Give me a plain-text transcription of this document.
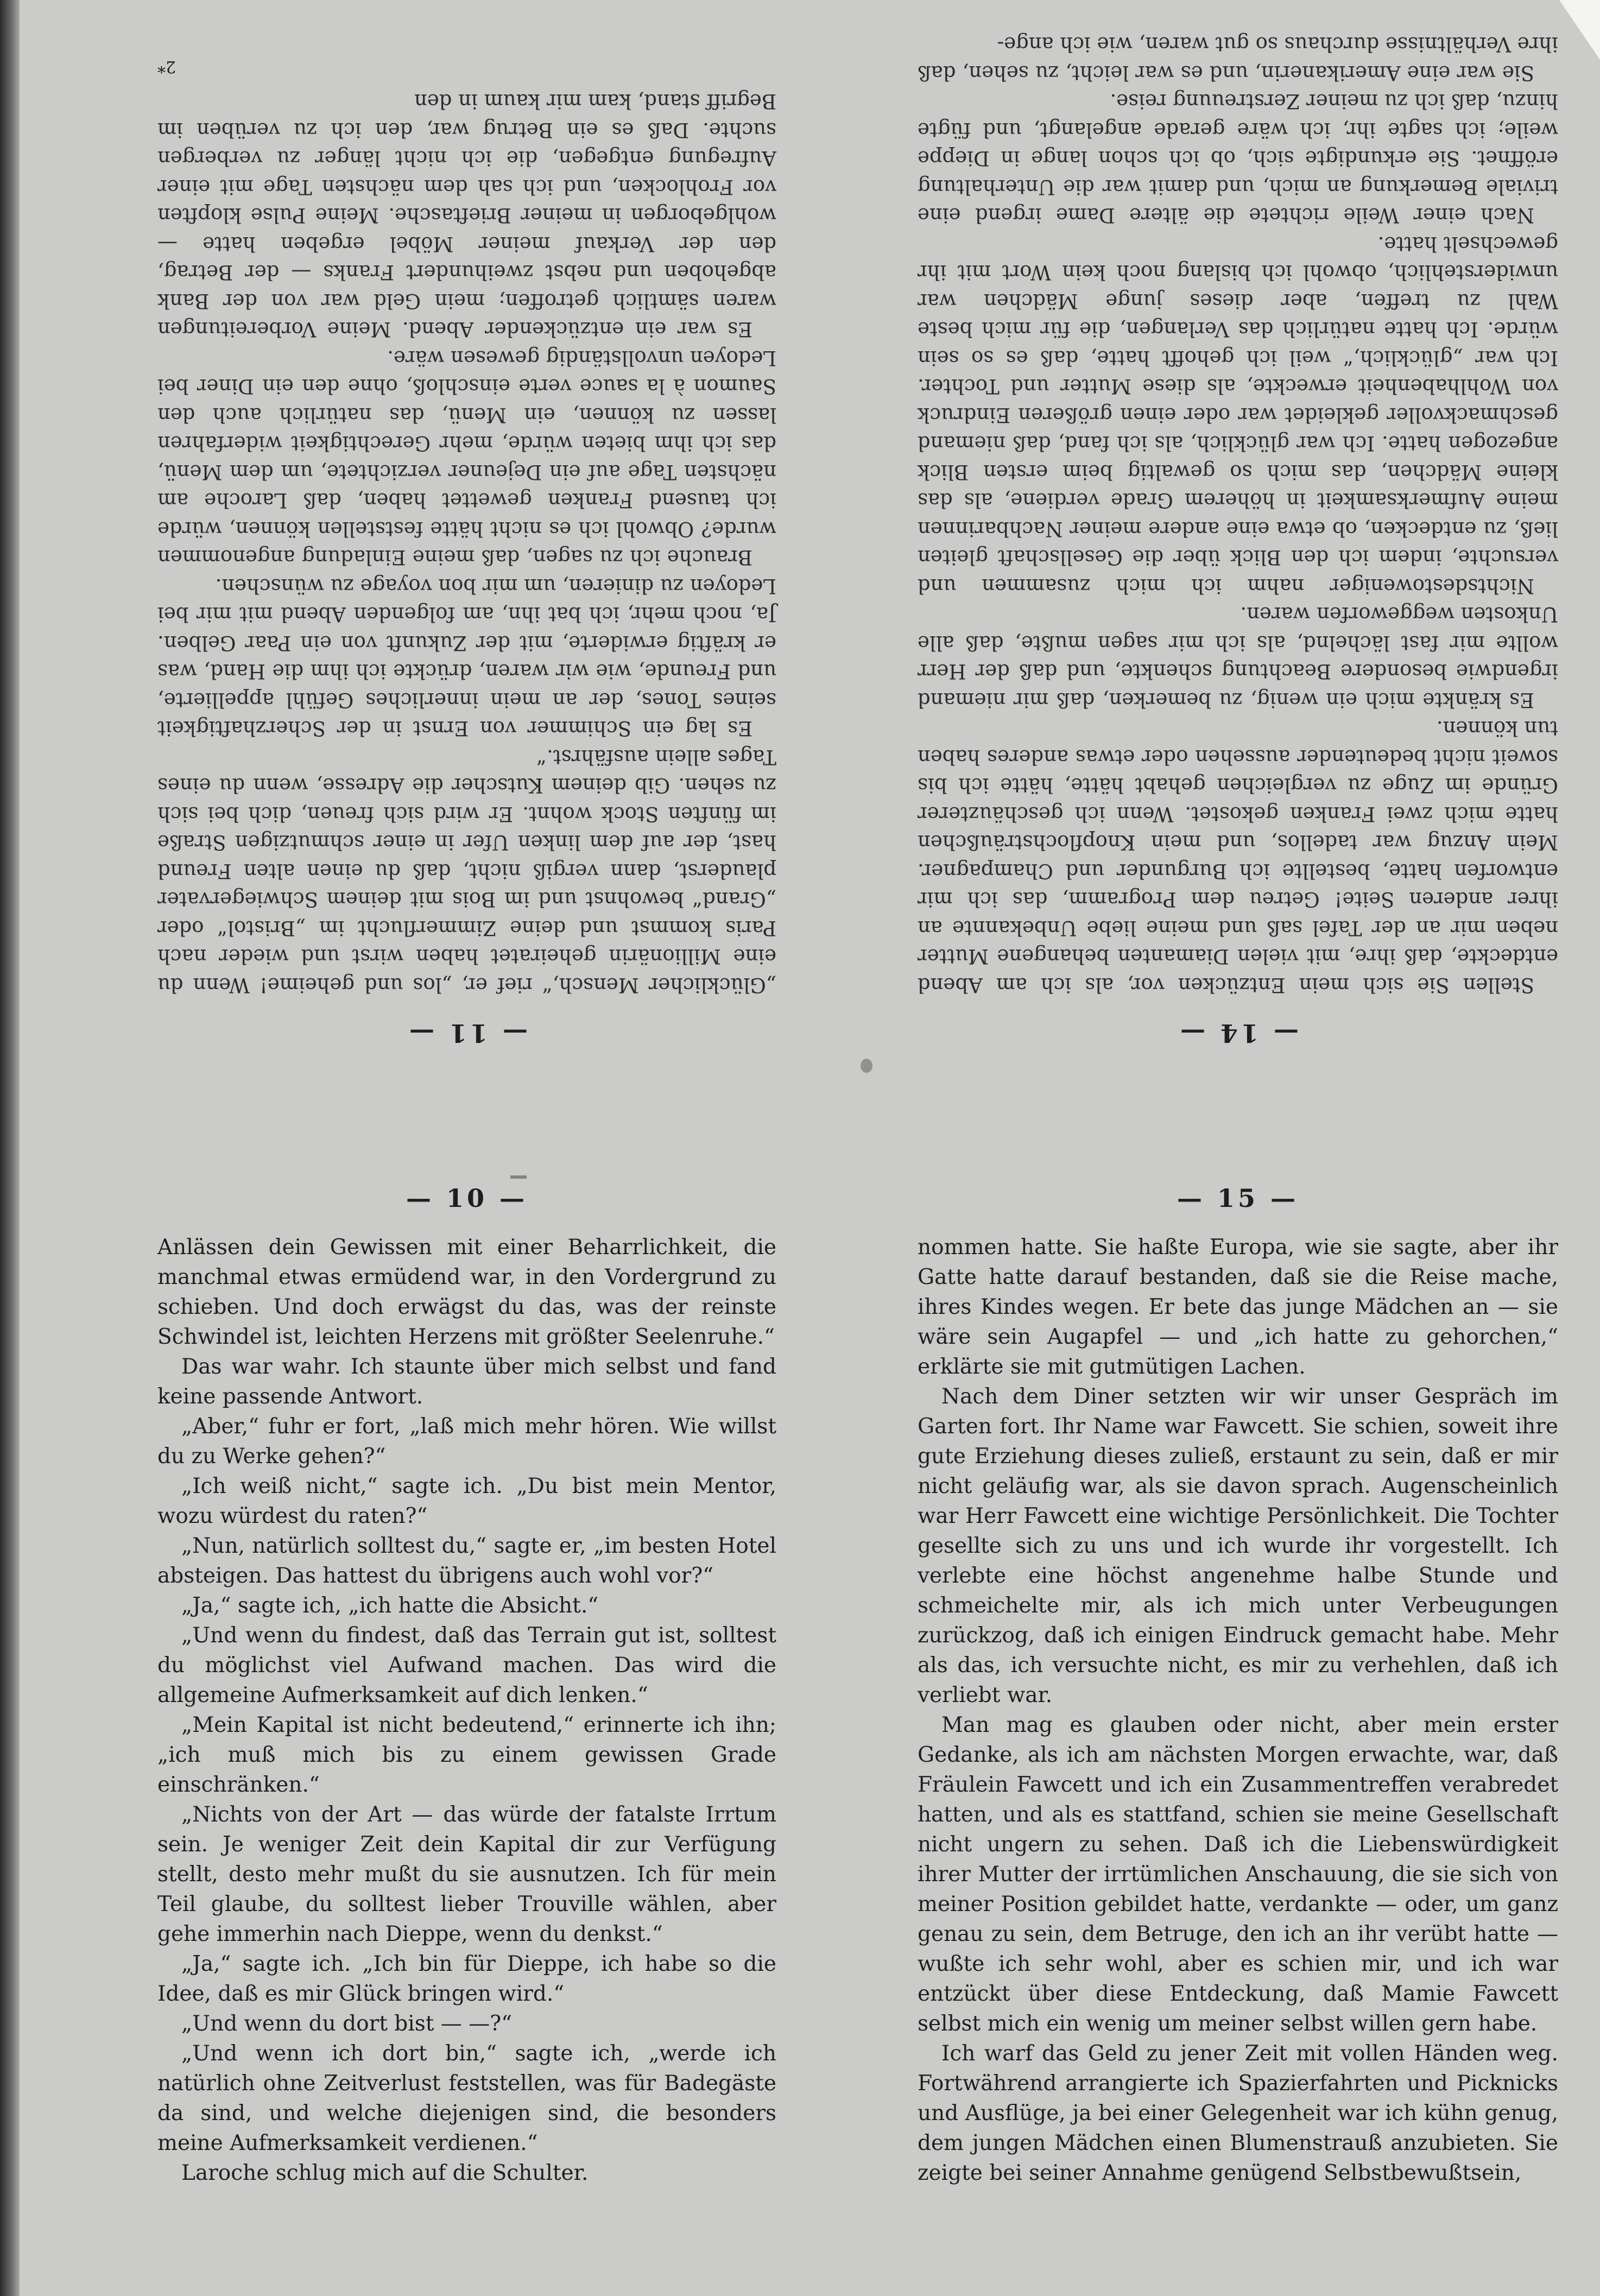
— 11 —

„Glücklicher Mensch,“ rief er, „los und geheime! Wenn du eine Millionärin geheiratet haben wirst und wieder nach Paris kommst und deine Zimmerflucht im „Bristol“ oder „Grand“ bewohnst und im Bois mit deinem Schwiegervater plauderst, dann vergiß nicht, daß du einen alten Freund hast, der auf dem linken Ufer in einer schmutzigen Straße im fünften Stock wohnt. Er wird sich freuen, dich bei sich zu sehen. Gib deinem Kutscher die Adresse, wenn du eines Tages allein ausfährst.“

Es lag ein Schimmer von Ernst in der Scherzhaftigkeit seines Tones, der an mein innerliches Gefühl appellierte, und Freunde, wie wir waren, drückte ich ihm die Hand, was er kräftig erwiderte, mit der Zukunft von ein Paar Gelben. Ja, noch mehr, ich bat ihn, am folgenden Abend mit mir bei Ledoyen zu dinieren, um mir bon voyage zu wünschen.

Brauche ich zu sagen, daß meine Einladung angenommen wurde? Obwohl ich es nicht hätte feststellen können, würde ich tausend Franken gewettet haben, daß Laroche am nächsten Tage auf ein Dejeuner verzichtete, um dem Menü, das ich ihm bieten würde, mehr Gerechtigkeit widerfahren lassen zu können, ein Menü, das natürlich auch den Saumon à la sauce verte einschloß, ohne den ein Diner bei Ledoyen unvollständig gewesen wäre.

Es war ein entzückender Abend. Meine Vorbereitungen waren sämtlich getroffen; mein Geld war von der Bank abgehoben und nebst zweihundert Franks — der Betrag, den der Verkauf meiner Möbel ergeben hatte — wohlgeborgen in meiner Brieftasche. Meine Pulse klopften vor Frohlocken, und ich sah dem nächsten Tage mit einer Aufregung entgegen, die ich nicht länger zu verbergen suchte. Daß es ein Betrug war, den ich zu verüben im Begriff stand, kam mir kaum in den

2*
— 14 —

Stellen Sie sich mein Entzücken vor, als ich am Abend entdeckte, daß ihre, mit vielen Diamanten behangene Mutter neben mir an der Tafel saß und meine liebe Unbekannte an ihrer anderen Seite! Getreu dem Programm, das ich mir entworfen hatte, bestellte ich Burgunder und Champagner. Mein Anzug war tadellos, und mein Knopflochsträußchen hatte mich zwei Franken gekostet. Wenn ich geschäuzterer Gründe im Zuge zu vergleichen gehabt hätte, hätte ich bis soweit nicht bedeutender aussehen oder etwas anderes haben tun können.

Es kränkte mich ein wenig, zu bemerken, daß mir niemand irgendwie besondere Beachtung schenkte, und daß der Herr wollte mir fast lächelnd, als ich mir sagen mußte, daß alle Unkosten weggeworfen waren.

Nichtsdestoweniger nahm ich mich zusammen und versuchte, indem ich den Blick über die Gesellschaft gleiten ließ, zu entdecken, ob etwa eine andere meiner Nachbarinnen meine Aufmerksamkeit in höherem Grade verdiene, als das kleine Mädchen, das mich so gewaltig beim ersten Blick angezogen hatte. Ich war glücklich, als ich fand, daß niemand geschmackvoller gekleidet war oder einen größeren Eindruck von Wohlhabenheit erweckte, als diese Mutter und Tochter. Ich war „glücklich,“ weil ich gehofft hatte, daß es so sein würde. Ich hatte natürlich das Verlangen, die für mich beste Wahl zu treffen, aber dieses junge Mädchen war unwiderstehlich, obwohl ich bislang noch kein Wort mit ihr gewechselt hatte.

Nach einer Weile richtete die ältere Dame irgend eine triviale Bemerkung an mich, und damit war die Unterhaltung eröffnet. Sie erkundigte sich, ob ich schon lange in Dieppe weile; ich sagte ihr, ich wäre gerade angelangt, und fügte hinzu, daß ich zu meiner Zerstreuung reise.

Sie war eine Amerikanerin, und es war leicht, zu sehen, daß ihre Verhältnisse durchaus so gut waren, wie ich ange-

— 10 —

Anlässen dein Gewissen mit einer Beharrlichkeit, die manchmal etwas ermüdend war, in den Vordergrund zu schieben. Und doch erwägst du das, was der reinste Schwindel ist, leichten Herzens mit größter Seelenruhe.“

Das war wahr. Ich staunte über mich selbst und fand keine passende Antwort.

„Aber,“ fuhr er fort, „laß mich mehr hören. Wie willst du zu Werke gehen?“

„Ich weiß nicht,“ sagte ich. „Du bist mein Mentor, wozu würdest du raten?“

„Nun, natürlich solltest du,“ sagte er, „im besten Hotel absteigen. Das hattest du übrigens auch wohl vor?“

„Ja,“ sagte ich, „ich hatte die Absicht.“

„Und wenn du findest, daß das Terrain gut ist, solltest du möglichst viel Aufwand machen. Das wird die allgemeine Aufmerksamkeit auf dich lenken.“

„Mein Kapital ist nicht bedeutend,“ erinnerte ich ihn; „ich muß mich bis zu einem gewissen Grade einschränken.“

„Nichts von der Art — das würde der fatalste Irrtum sein. Je weniger Zeit dein Kapital dir zur Verfügung stellt, desto mehr mußt du sie ausnutzen. Ich für mein Teil glaube, du solltest lieber Trouville wählen, aber gehe immerhin nach Dieppe, wenn du denkst.“

„Ja,“ sagte ich. „Ich bin für Dieppe, ich habe so die Idee, daß es mir Glück bringen wird.“

„Und wenn du dort bist — —?“

„Und wenn ich dort bin,“ sagte ich, „werde ich natürlich ohne Zeitverlust feststellen, was für Badegäste da sind, und welche diejenigen sind, die besonders meine Aufmerksamkeit verdienen.“

Laroche schlug mich auf die Schulter.

— 15 —

nommen hatte. Sie haßte Europa, wie sie sagte, aber ihr Gatte hatte darauf bestanden, daß sie die Reise mache, ihres Kindes wegen. Er bete das junge Mädchen an — sie wäre sein Augapfel — und „ich hatte zu gehorchen,“ erklärte sie mit gutmütigen Lachen.

Nach dem Diner setzten wir wir unser Gespräch im Garten fort. Ihr Name war Fawcett. Sie schien, soweit ihre gute Erziehung dieses zuließ, erstaunt zu sein, daß er mir nicht geläufig war, als sie davon sprach. Augenscheinlich war Herr Fawcett eine wichtige Persönlichkeit. Die Tochter gesellte sich zu uns und ich wurde ihr vorgestellt. Ich verlebte eine höchst angenehme halbe Stunde und schmeichelte mir, als ich mich unter Verbeugungen zurückzog, daß ich einigen Eindruck gemacht habe. Mehr als das, ich versuchte nicht, es mir zu verhehlen, daß ich verliebt war.

Man mag es glauben oder nicht, aber mein erster Gedanke, als ich am nächsten Morgen erwachte, war, daß Fräulein Fawcett und ich ein Zusammentreffen verabredet hatten, und als es stattfand, schien sie meine Gesellschaft nicht ungern zu sehen. Daß ich die Liebenswürdigkeit ihrer Mutter der irrtümlichen Anschauung, die sie sich von meiner Position gebildet hatte, verdankte — oder, um ganz genau zu sein, dem Betruge, den ich an ihr verübt hatte — wußte ich sehr wohl, aber es schien mir, und ich war entzückt über diese Entdeckung, daß Mamie Fawcett selbst mich ein wenig um meiner selbst willen gern habe.

Ich warf das Geld zu jener Zeit mit vollen Händen weg. Fortwährend arrangierte ich Spazierfahrten und Picknicks und Ausflüge, ja bei einer Gelegenheit war ich kühn genug, dem jungen Mädchen einen Blumenstrauß anzubieten. Sie zeigte bei seiner Annahme genügend Selbstbewußtsein,
